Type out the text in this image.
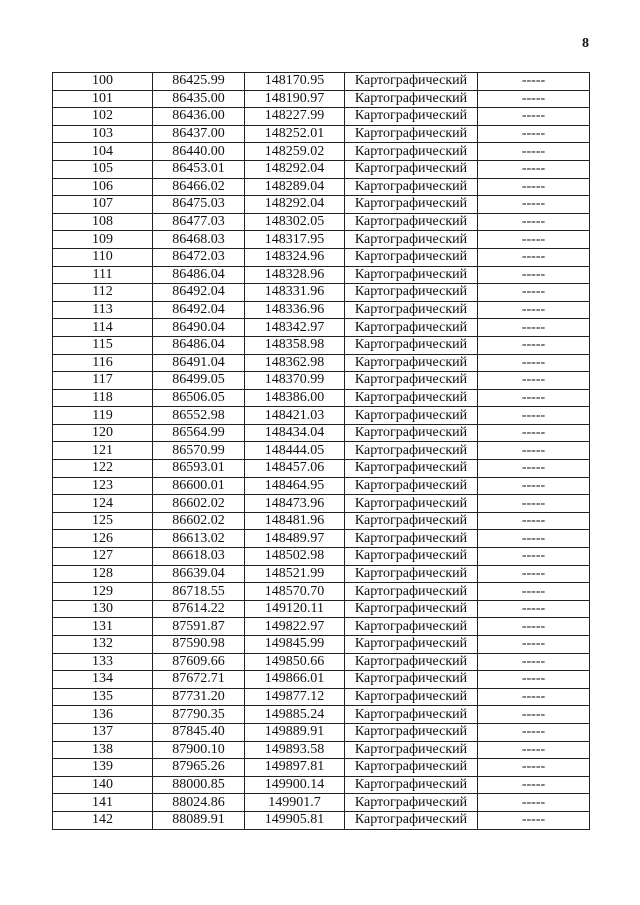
8
100	86425.99	148170.95	Картографический	-----
101	86435.00	148190.97	Картографический	-----
102	86436.00	148227.99	Картографический	-----
103	86437.00	148252.01	Картографический	-----
104	86440.00	148259.02	Картографический	-----
105	86453.01	148292.04	Картографический	-----
106	86466.02	148289.04	Картографический	-----
107	86475.03	148292.04	Картографический	-----
108	86477.03	148302.05	Картографический	-----
109	86468.03	148317.95	Картографический	-----
110	86472.03	148324.96	Картографический	-----
111	86486.04	148328.96	Картографический	-----
112	86492.04	148331.96	Картографический	-----
113	86492.04	148336.96	Картографический	-----
114	86490.04	148342.97	Картографический	-----
115	86486.04	148358.98	Картографический	-----
116	86491.04	148362.98	Картографический	-----
117	86499.05	148370.99	Картографический	-----
118	86506.05	148386.00	Картографический	-----
119	86552.98	148421.03	Картографический	-----
120	86564.99	148434.04	Картографический	-----
121	86570.99	148444.05	Картографический	-----
122	86593.01	148457.06	Картографический	-----
123	86600.01	148464.95	Картографический	-----
124	86602.02	148473.96	Картографический	-----
125	86602.02	148481.96	Картографический	-----
126	86613.02	148489.97	Картографический	-----
127	86618.03	148502.98	Картографический	-----
128	86639.04	148521.99	Картографический	-----
129	86718.55	148570.70	Картографический	-----
130	87614.22	149120.11	Картографический	-----
131	87591.87	149822.97	Картографический	-----
132	87590.98	149845.99	Картографический	-----
133	87609.66	149850.66	Картографический	-----
134	87672.71	149866.01	Картографический	-----
135	87731.20	149877.12	Картографический	-----
136	87790.35	149885.24	Картографический	-----
137	87845.40	149889.91	Картографический	-----
138	87900.10	149893.58	Картографический	-----
139	87965.26	149897.81	Картографический	-----
140	88000.85	149900.14	Картографический	-----
141	88024.86	149901.7	Картографический	-----
142	88089.91	149905.81	Картографический	-----
